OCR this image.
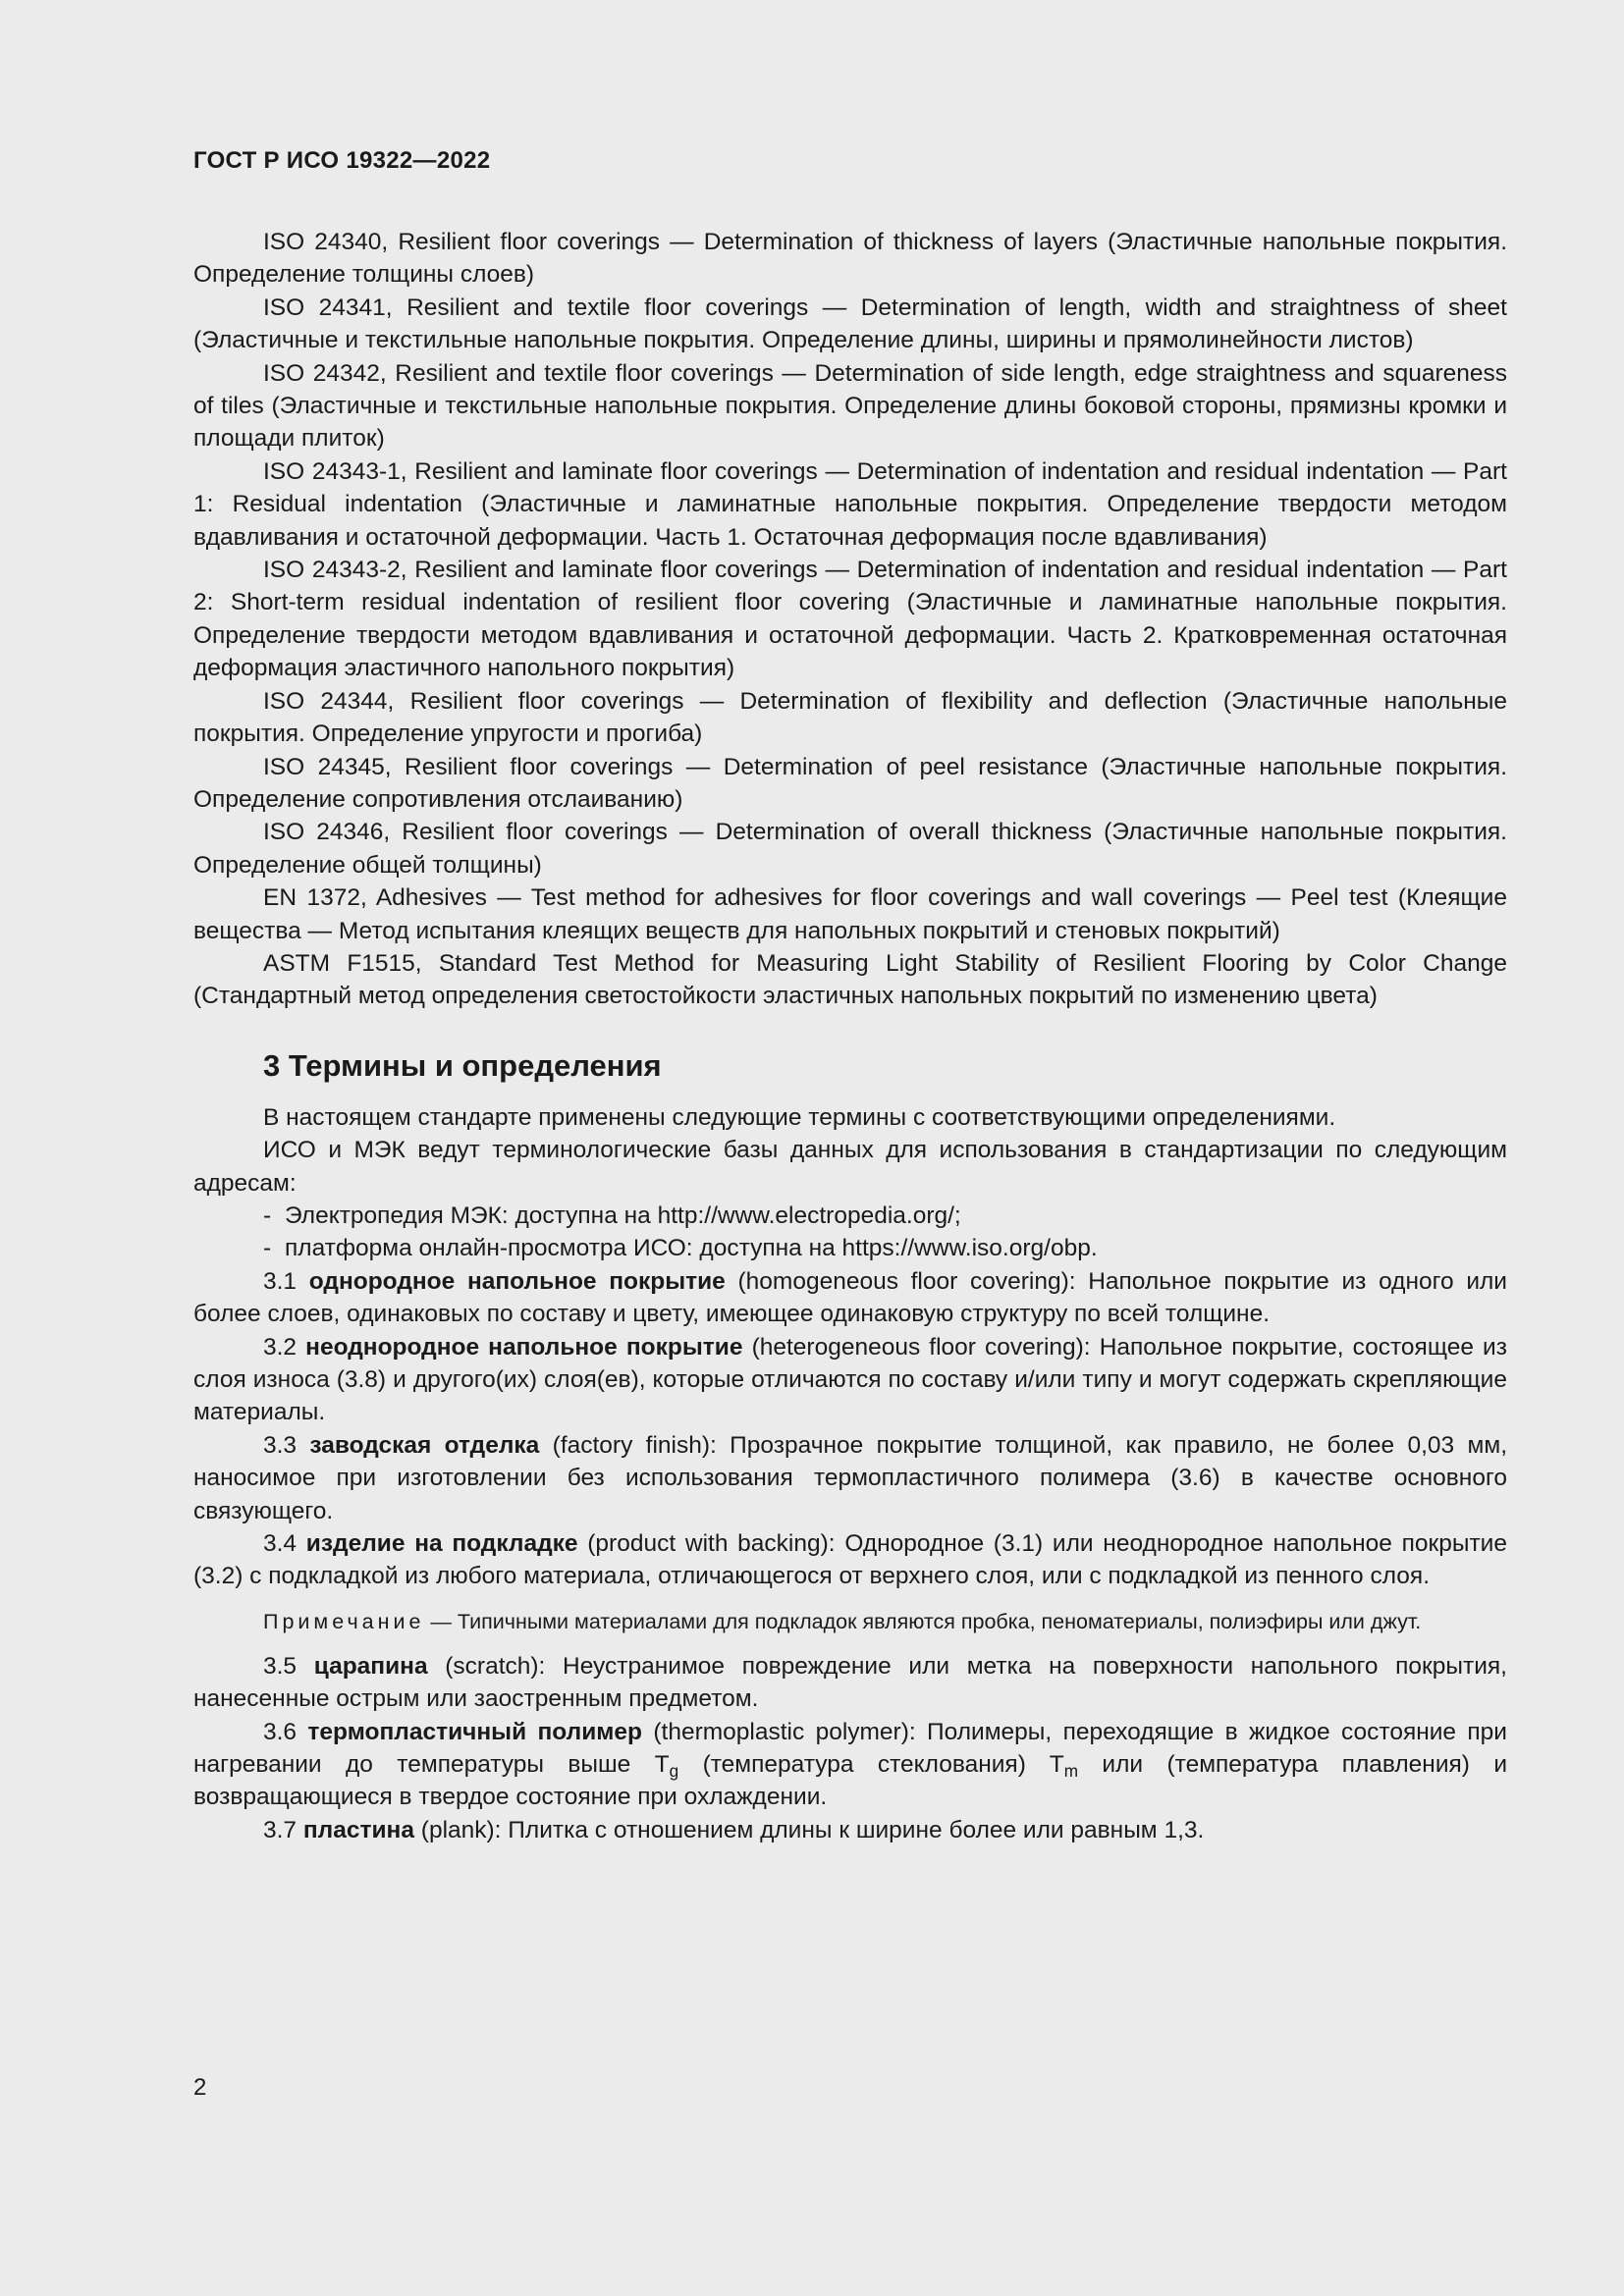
ГОСТ Р ИСО 19322—2022

ISO 24340, Resilient floor coverings — Determination of thickness of layers (Эластичные напольные покрытия. Определение толщины слоев)

ISO 24341, Resilient and textile floor coverings — Determination of length, width and straightness of sheet (Эластичные и текстильные напольные покрытия. Определение длины, ширины и прямолинейности листов)

ISO 24342, Resilient and textile floor coverings — Determination of side length, edge straightness and squareness of tiles (Эластичные и текстильные напольные покрытия. Определение длины боковой стороны, прямизны кромки и площади плиток)

ISO 24343-1, Resilient and laminate floor coverings — Determination of indentation and residual indentation — Part 1: Residual indentation (Эластичные и ламинатные напольные покрытия. Определение твердости методом вдавливания и остаточной деформации. Часть 1. Остаточная деформация после вдавливания)

ISO 24343-2, Resilient and laminate floor coverings — Determination of indentation and residual indentation — Part 2: Short-term residual indentation of resilient floor covering (Эластичные и ламинатные напольные покрытия. Определение твердости методом вдавливания и остаточной деформации. Часть 2. Кратковременная остаточная деформация эластичного напольного покрытия)

ISO 24344, Resilient floor coverings — Determination of flexibility and deflection (Эластичные напольные покрытия. Определение упругости и прогиба)

ISO 24345, Resilient floor coverings — Determination of peel resistance (Эластичные напольные покрытия. Определение сопротивления отслаиванию)

ISO 24346, Resilient floor coverings — Determination of overall thickness (Эластичные напольные покрытия. Определение общей толщины)

EN 1372, Adhesives — Test method for adhesives for floor coverings and wall coverings — Peel test (Клеящие вещества — Метод испытания клеящих веществ для напольных покрытий и стеновых покрытий)

ASTM F1515, Standard Test Method for Measuring Light Stability of Resilient Flooring by Color Change (Стандартный метод определения светостойкости эластичных напольных покрытий по изменению цвета)

3 Термины и определения

В настоящем стандарте применены следующие термины с соответствующими определениями.

ИСО и МЭК ведут терминологические базы данных для использования в стандартизации по следующим адресам:

- Электропедия МЭК: доступна на http://www.electropedia.org/;

- платформа онлайн-просмотра ИСО: доступна на https://www.iso.org/obp.

3.1 однородное напольное покрытие (homogeneous floor covering): Напольное покрытие из одного или более слоев, одинаковых по составу и цвету, имеющее одинаковую структуру по всей толщине.

3.2 неоднородное напольное покрытие (heterogeneous floor covering): Напольное покрытие, состоящее из слоя износа (3.8) и другого(их) слоя(ев), которые отличаются по составу и/или типу и могут содержать скрепляющие материалы.

3.3 заводская отделка (factory finish): Прозрачное покрытие толщиной, как правило, не более 0,03 мм, наносимое при изготовлении без использования термопластичного полимера (3.6) в качестве основного связующего.

3.4 изделие на подкладке (product with backing): Однородное (3.1) или неоднородное напольное покрытие (3.2) с подкладкой из любого материала, отличающегося от верхнего слоя, или с подкладкой из пенного слоя.

Примечание — Типичными материалами для подкладок являются пробка, пеноматериалы, полиэфиры или джут.

3.5 царапина (scratch): Неустранимое повреждение или метка на поверхности напольного покрытия, нанесенные острым или заостренным предметом.

3.6 термопластичный полимер (thermoplastic polymer): Полимеры, переходящие в жидкое состояние при нагревании до температуры выше $T_g$ (температура стеклования) $T_m$ или (температура плавления) и возвращающиеся в твердое состояние при охлаждении.

3.7 пластина (plank): Плитка с отношением длины к ширине более или равным 1,3.

2
